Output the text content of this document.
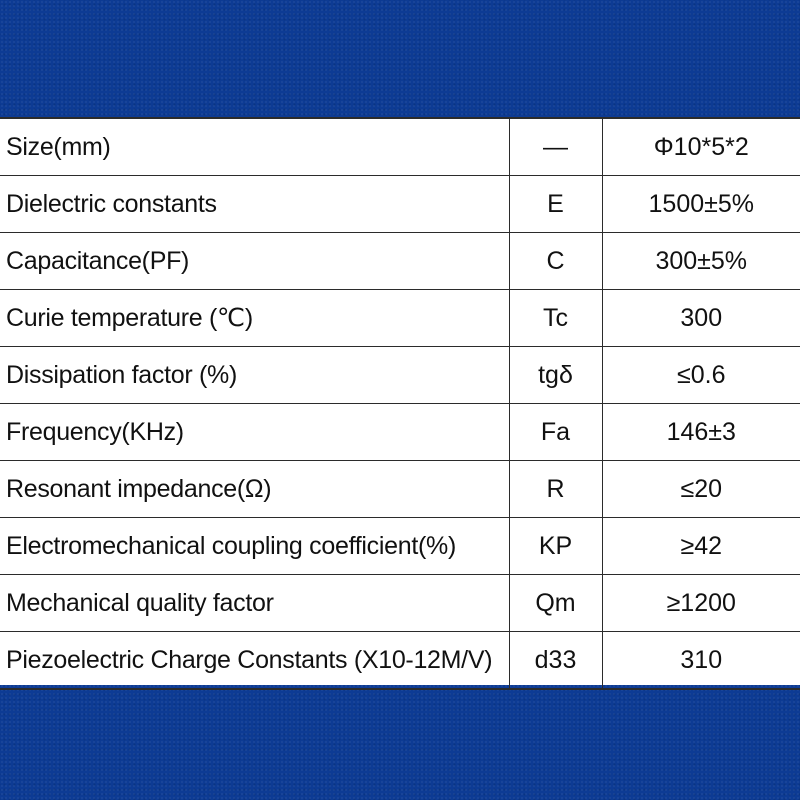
Size(mm)	—	Φ10*5*2
Dielectric constants	E	1500±5%
Capacitance(PF)	C	300±5%
Curie temperature (℃)	Tc	300
Dissipation factor (%)	tgδ	≤0.6
Frequency(KHz)	Fa	146±3
Resonant impedance(Ω)	R	≤20
Electromechanical coupling coefficient(%)	KP	≥42
Mechanical quality factor	Qm	≥1200
Piezoelectric Charge Constants (X10-12M/V)	d33	310
